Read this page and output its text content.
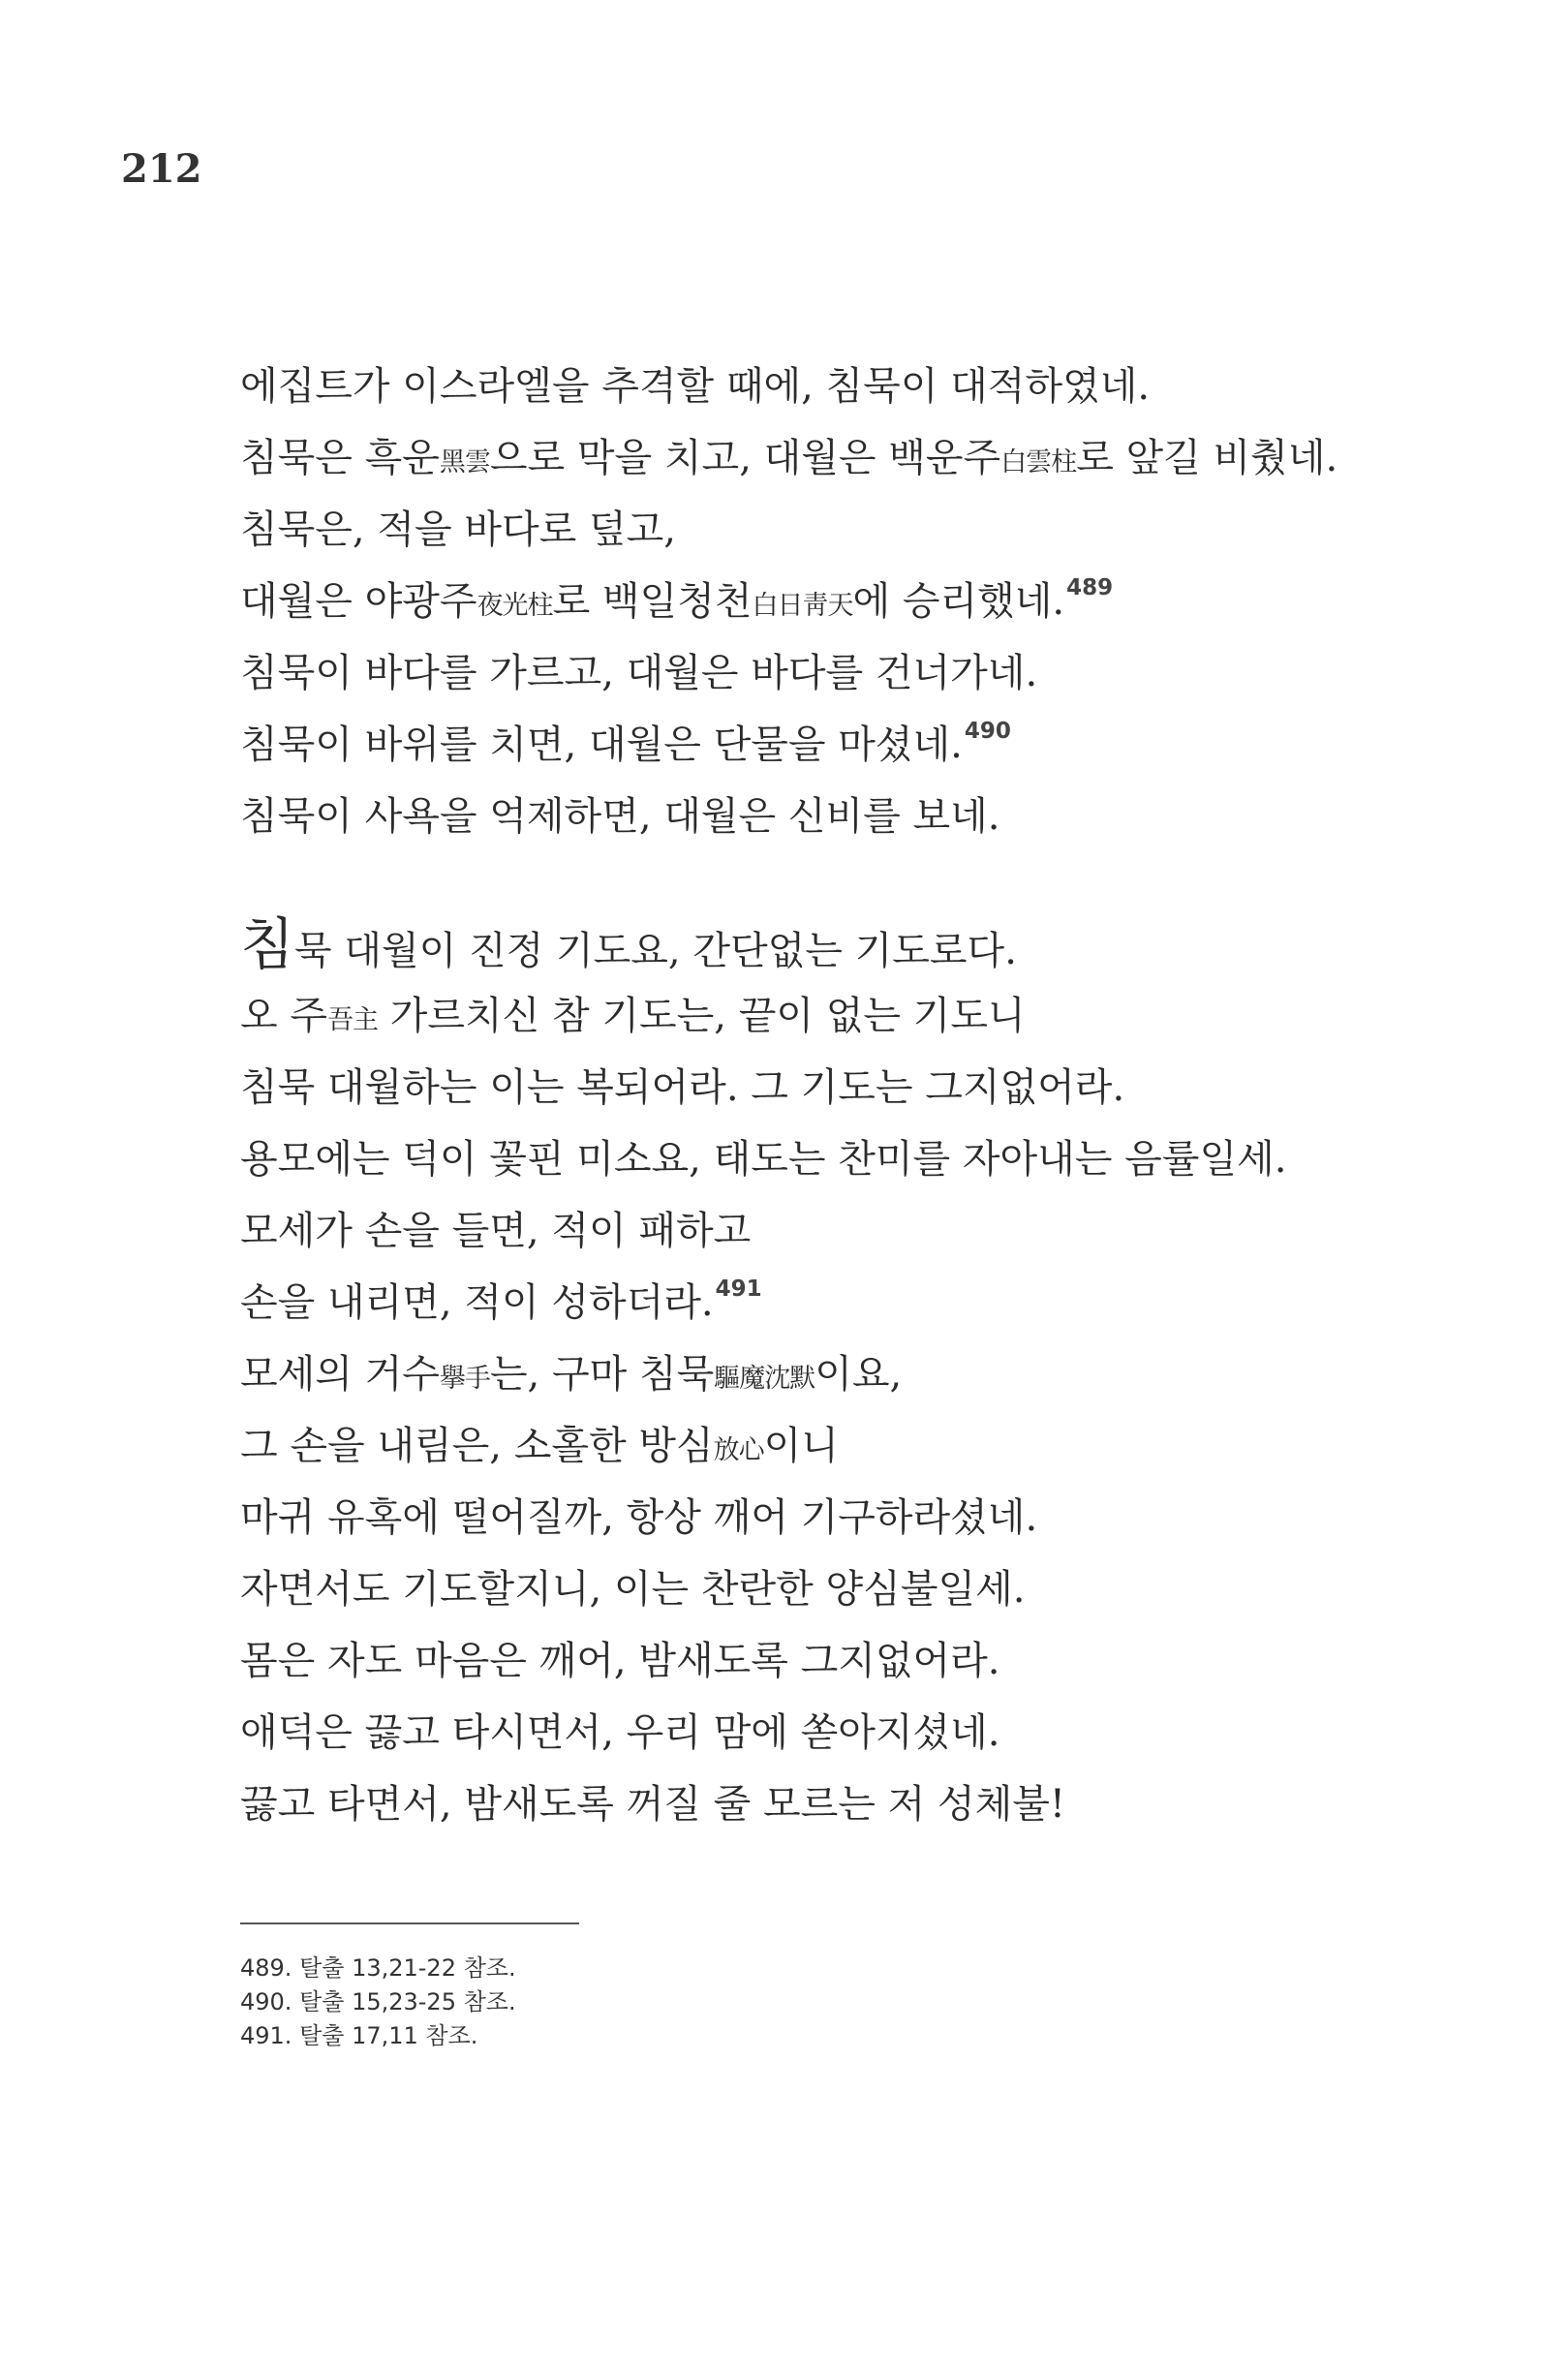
212

에집트가 이스라엘을 추격할 때에, 침묵이 대적하였네.
침묵은 흑운黑雲으로 막을 치고, 대월은 백운주白雲柱로 앞길 비췄네.
침묵은, 적을 바다로 덮고,
대월은 야광주夜光柱로 백일청천白日靑天에 승리했네.$^{489}$
침묵이 바다를 가르고, 대월은 바다를 건너가네.
침묵이 바위를 치면, 대월은 단물을 마셨네.$^{490}$
침묵이 사욕을 억제하면, 대월은 신비를 보네.
침묵 대월이 진정 기도요, 간단없는 기도로다.
오 주吾主 가르치신 참 기도는, 끝이 없는 기도니
침묵 대월하는 이는 복되어라. 그 기도는 그지없어라.
용모에는 덕이 꽃핀 미소요, 태도는 찬미를 자아내는 음률일세.
모세가 손을 들면, 적이 패하고
손을 내리면, 적이 성하더라.$^{491}$
모세의 거수擧手는, 구마 침묵驅魔沈默이요,
그 손을 내림은, 소홀한 방심放心이니
마귀 유혹에 떨어질까, 항상 깨어 기구하라셨네.
자면서도 기도할지니, 이는 찬란한 양심불일세.
몸은 자도 마음은 깨어, 밤새도록 그지없어라.
애덕은 끓고 타시면서, 우리 맘에 쏟아지셨네.
끓고 타면서, 밤새도록 꺼질 줄 모르는 저 성체불!
489. 탈출 13,21-22 참조.
490. 탈출 15,23-25 참조.
491. 탈출 17,11 참조.
